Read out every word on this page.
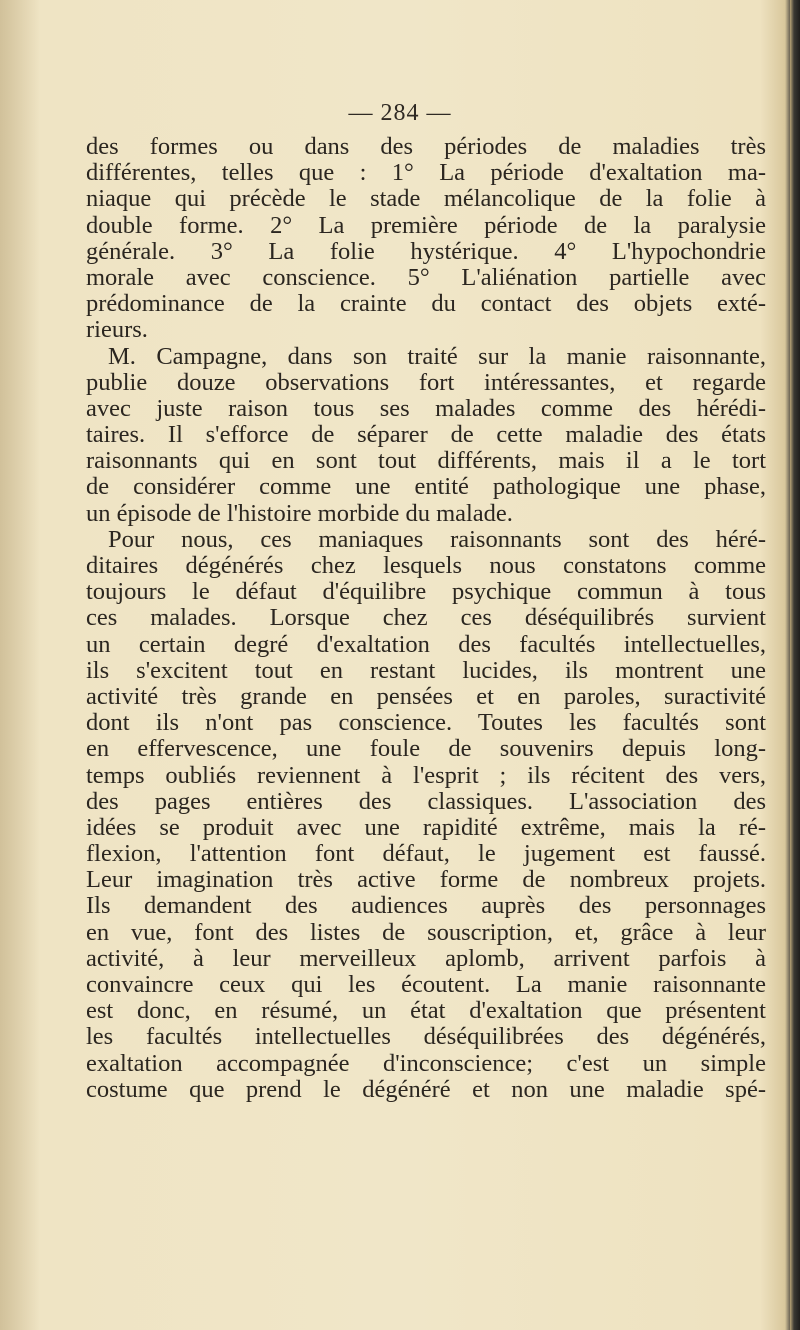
— 284 —
des formes ou dans des périodes de maladies très
différentes, telles que : 1° La période d'exaltation ma-
niaque qui précède le stade mélancolique de la folie à
double forme. 2° La première période de la paralysie
générale. 3° La folie hystérique. 4° L'hypochondrie
morale avec conscience. 5° L'aliénation partielle avec
prédominance de la crainte du contact des objets exté-
rieurs.
M. Campagne, dans son traité sur la manie raisonnante,
publie douze observations fort intéressantes, et regarde
avec juste raison tous ses malades comme des hérédi-
taires. Il s'efforce de séparer de cette maladie des états
raisonnants qui en sont tout différents, mais il a le tort
de considérer comme une entité pathologique une phase,
un épisode de l'histoire morbide du malade.
Pour nous, ces maniaques raisonnants sont des héré-
ditaires dégénérés chez lesquels nous constatons comme
toujours le défaut d'équilibre psychique commun à tous
ces malades. Lorsque chez ces déséquilibrés survient
un certain degré d'exaltation des facultés intellectuelles,
ils s'excitent tout en restant lucides, ils montrent une
activité très grande en pensées et en paroles, suractivité
dont ils n'ont pas conscience. Toutes les facultés sont
en effervescence, une foule de souvenirs depuis long-
temps oubliés reviennent à l'esprit ; ils récitent des vers,
des pages entières des classiques. L'association des
idées se produit avec une rapidité extrême, mais la ré-
flexion, l'attention font défaut, le jugement est faussé.
Leur imagination très active forme de nombreux projets.
Ils demandent des audiences auprès des personnages
en vue, font des listes de souscription, et, grâce à leur
activité, à leur merveilleux aplomb, arrivent parfois à
convaincre ceux qui les écoutent. La manie raisonnante
est donc, en résumé, un état d'exaltation que présentent
les facultés intellectuelles déséquilibrées des dégénérés,
exaltation accompagnée d'inconscience; c'est un simple
costume que prend le dégénéré et non une maladie spé-
